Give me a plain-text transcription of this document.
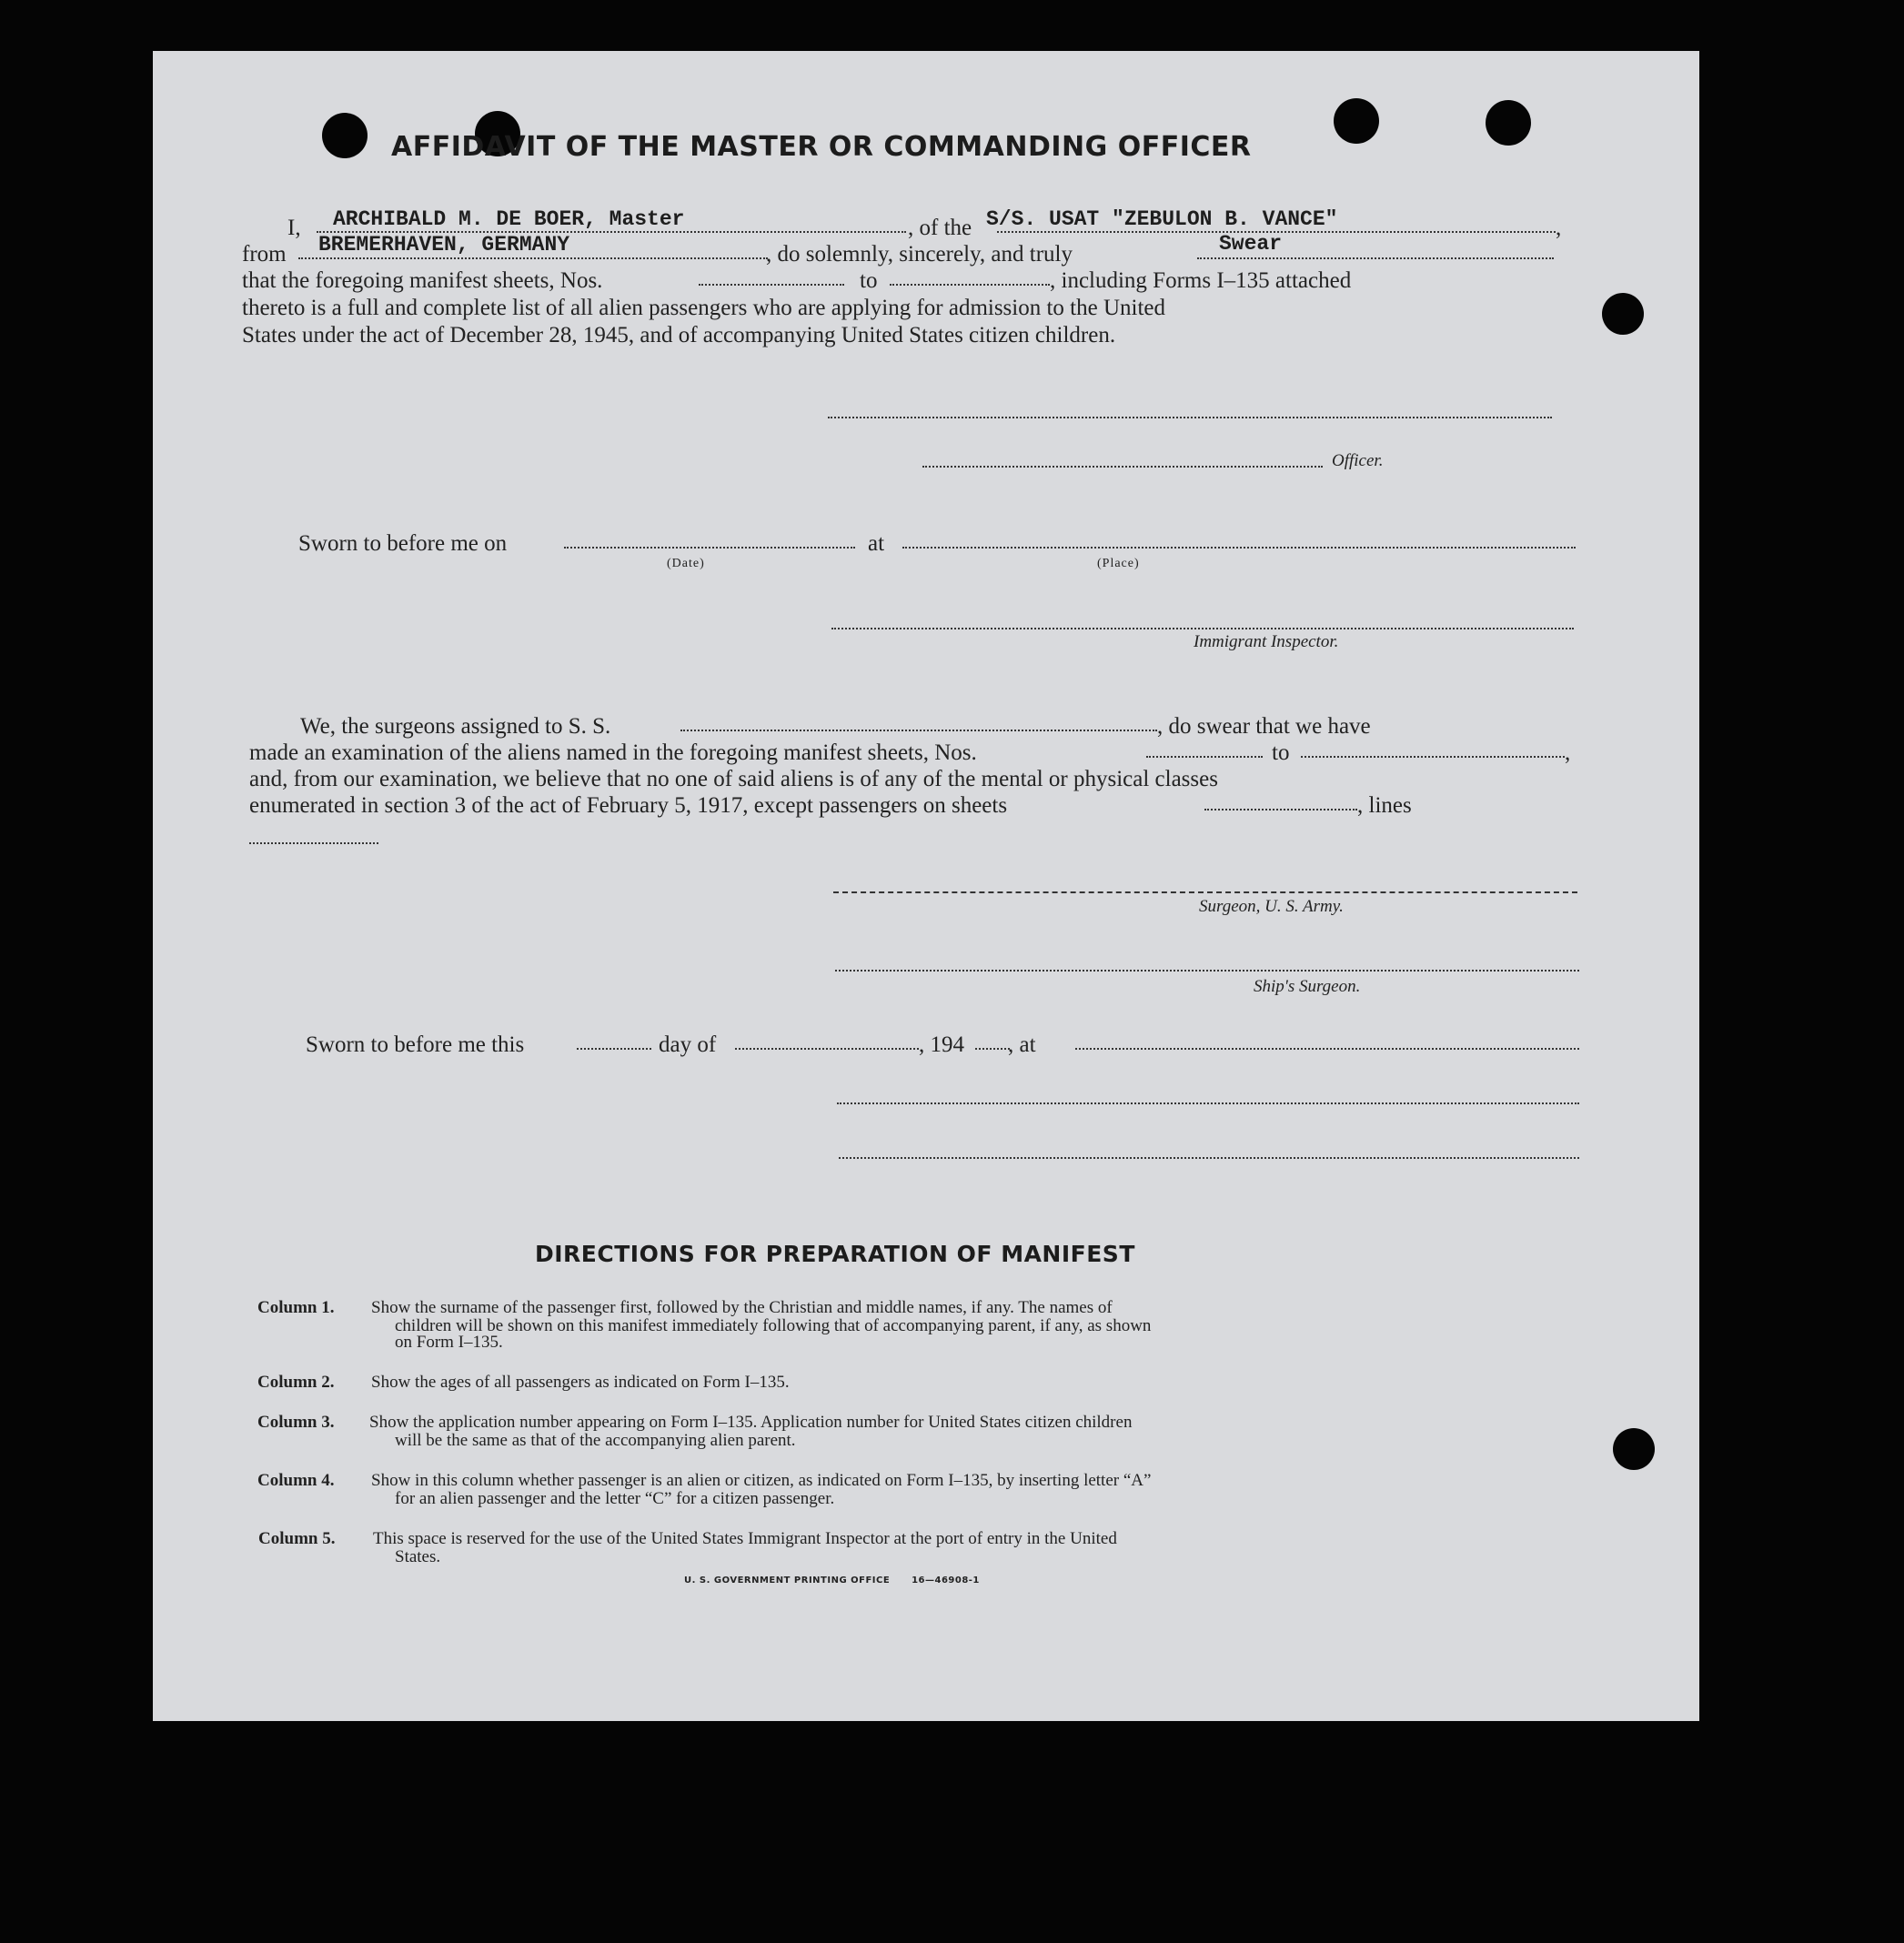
AFFIDAVIT OF THE MASTER OR COMMANDING OFFICER
I, ARCHIBALD M. DE BOER, Master	, of the S/S. USAT "ZEBULON B. VANCE"	,
from BREMERHAVEN, GERMANY	, do solemnly, sincerely, and truly	Swear
that the foregoing manifest sheets, Nos.	to	, including Forms I–135 attached
thereto is a full and complete list of all alien passengers who are applying for admission to the United
States under the act of December 28, 1945, and of accompanying United States citizen children.
Officer.
Sworn to before me on	at
(Date)	(Place)
Immigrant Inspector.
We, the surgeons assigned to S. S.	, do swear that we have
made an examination of the aliens named in the foregoing manifest sheets, Nos.	to	,
and, from our examination, we believe that no one of said aliens is of any of the mental or physical classes
enumerated in section 3 of the act of February 5, 1917, except passengers on sheets	, lines
Surgeon, U. S. Army.
Ship's Surgeon.
Sworn to before me this	day of	, 194 , at
DIRECTIONS FOR PREPARATION OF MANIFEST
Column 1. Show the surname of the passenger first, followed by the Christian and middle names, if any. The names of
children will be shown on this manifest immediately following that of accompanying parent, if any, as shown
on Form I–135.
Column 2. Show the ages of all passengers as indicated on Form I–135.
Column 3. Show the application number appearing on Form I–135. Application number for United States citizen children
will be the same as that of the accompanying alien parent.
Column 4. Show in this column whether passenger is an alien or citizen, as indicated on Form I–135, by inserting letter “A”
for an alien passenger and the letter “C” for a citizen passenger.
Column 5. This space is reserved for the use of the United States Immigrant Inspector at the port of entry in the United
States.
U. S. GOVERNMENT PRINTING OFFICE      16—46908-1
